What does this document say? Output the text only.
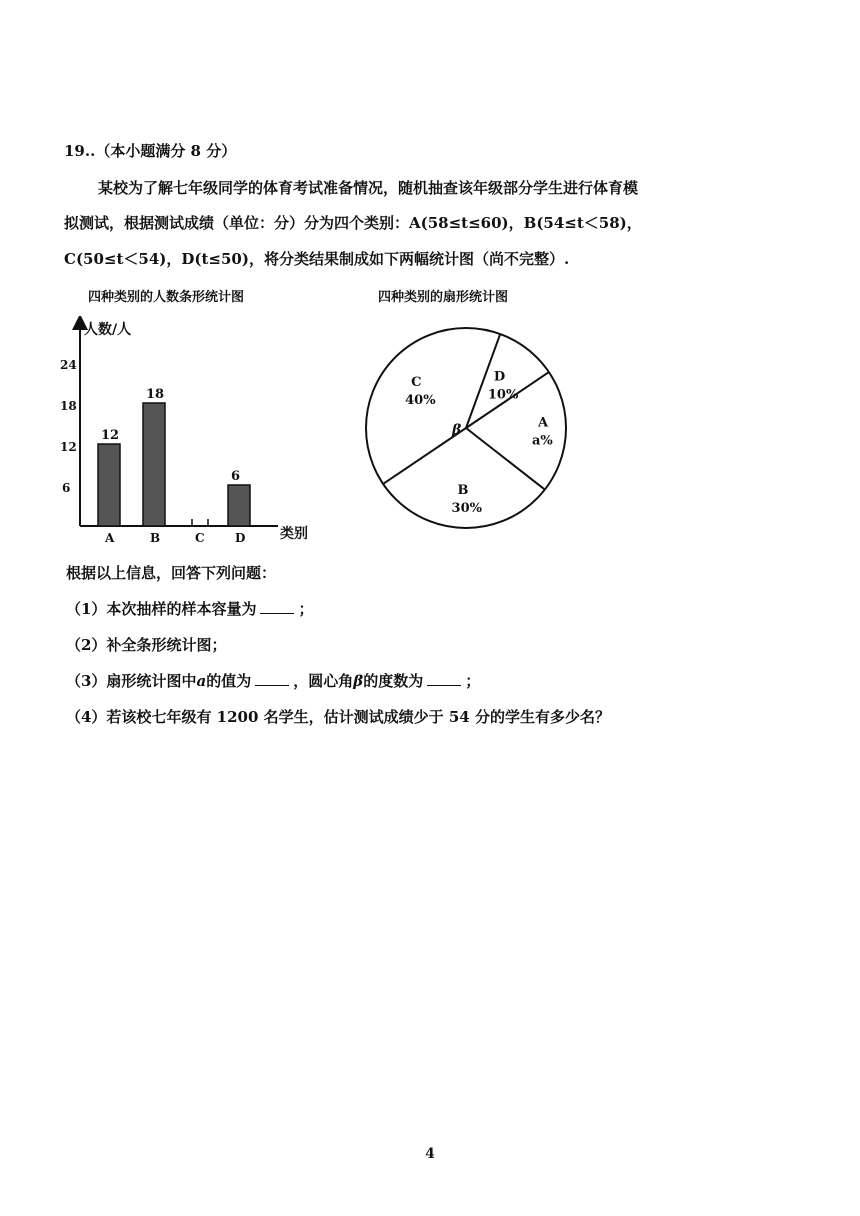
19..（本小题满分 8 分）
某校为了解七年级同学的体育考试准备情况，随机抽查该年级部分学生进行体育模
拟测试，根据测试成绩（单位：分）分为四个类别：A(58≤t≤60)，B(54≤t＜58)，
C(50≤t＜54)，D(t≤50)，将分类结果制成如下两幅统计图（尚不完整）.
四种类别的人数条形统计图	四种类别的扇形统计图
人数/人
类别
6
12
18
24
A
12
B
18
C	D
6
D
10%
A
a%
B
30%
C
40%
β
根据以上信息，回答下列问题：
（1）本次抽样的样本容量为	；
（2）补全条形统计图；
（3）扇形统计图中a的值为	，圆心角β的度数为	；
（4）若该校七年级有 1200 名学生，估计测试成绩少于 54 分的学生有多少名？
4
